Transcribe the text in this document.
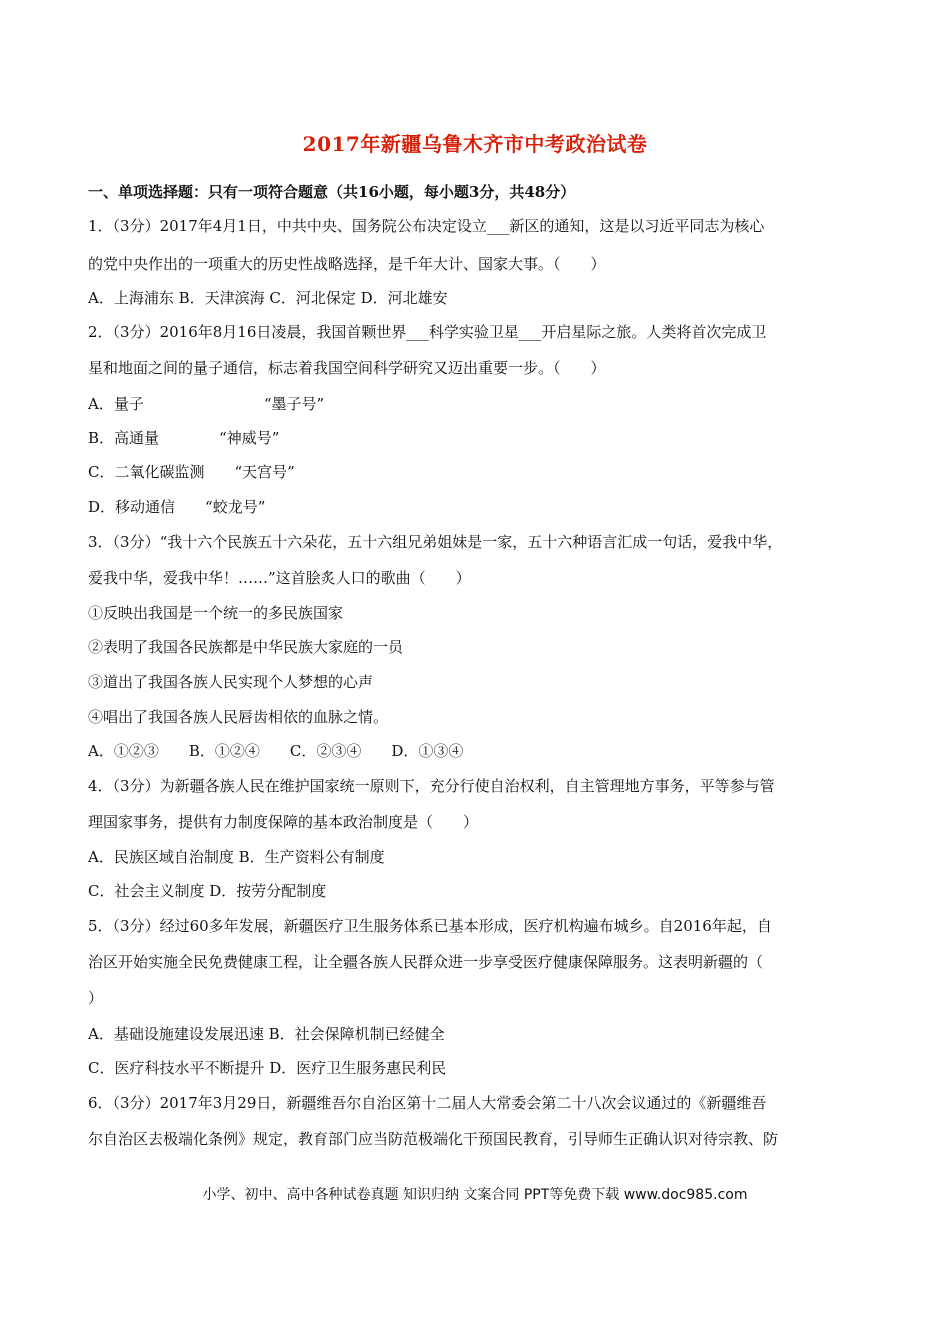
2017年新疆乌鲁木齐市中考政治试卷
一、单项选择题：只有一项符合题意（共16小题，每小题3分，共48分）
1．（3分）2017年4月1日，中共中央、国务院公布决定设立___新区的通知，这是以习近平同志为核心
的党中央作出的一项重大的历史性战略选择，是千年大计、国家大事。（　　）
A．上海浦东 B．天津滨海 C．河北保定 D．河北雄安
2．（3分）2016年8月16日凌晨，我国首颗世界___科学实验卫星___开启星际之旅。人类将首次完成卫
星和地面之间的量子通信，标志着我国空间科学研究又迈出重要一步。（　　）
A．量子　　　　　　　　“墨子号”
B．高通量　　　　“神威号”
C．二氧化碳监测　　“天宫号”
D．移动通信　　“蛟龙号”
3．（3分）“我十六个民族五十六朵花，五十六组兄弟姐妹是一家，五十六种语言汇成一句话，爱我中华，
爱我中华，爱我中华！……”这首脍炙人口的歌曲（　　）
①反映出我国是一个统一的多民族国家
②表明了我国各民族都是中华民族大家庭的一员
③道出了我国各族人民实现个人梦想的心声
④唱出了我国各族人民唇齿相依的血脉之情。
A．①②③　　B．①②④　　C．②③④　　D．①③④
4．（3分）为新疆各族人民在维护国家统一原则下，充分行使自治权利，自主管理地方事务，平等参与管
理国家事务，提供有力制度保障的基本政治制度是（　　）
A．民族区域自治制度 B．生产资料公有制度
C．社会主义制度 D．按劳分配制度
5．（3分）经过60多年发展，新疆医疗卫生服务体系已基本形成，医疗机构遍布城乡。自2016年起，自
治区开始实施全民免费健康工程，让全疆各族人民群众进一步享受医疗健康保障服务。这表明新疆的（
）
A．基础设施建设发展迅速 B．社会保障机制已经健全
C．医疗科技水平不断提升 D．医疗卫生服务惠民利民
6．（3分）2017年3月29日，新疆维吾尔自治区第十二届人大常委会第二十八次会议通过的《新疆维吾
尔自治区去极端化条例》规定，教育部门应当防范极端化干预国民教育，引导师生正确认识对待宗教、防
小学、初中、高中各种试卷真题 知识归纳 文案合同 PPT等免费下载 www.doc985.com
